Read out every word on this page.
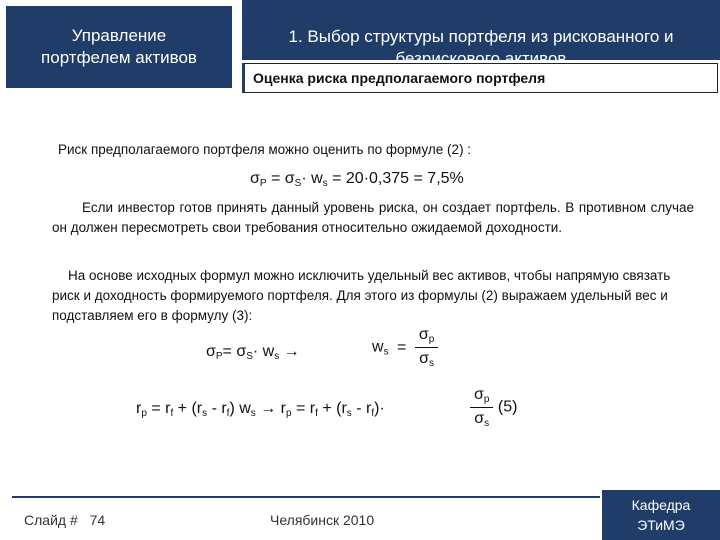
Управление
портфелем активов

1. Выбор структуры портфеля из рискованного и
безрискового активов

Оценка риска предполагаемого портфеля
Риск предполагаемого портфеля можно оценить по формуле (2) :
$\sigma_P = \sigma_S\cdot w_s = 20\cdot 0,375 = 7,5\%$
Если инвестор готов принять данный уровень риска, он создает портфель. В противном случае он должен пересмотреть свои требования относительно ожидаемой доходности.
На основе исходных формул можно исключить удельный вес активов, чтобы напрямую связать риск и доходность формируемого портфеля. Для этого из формулы (2) выражаем удельный вес и подставляем его в формулу (3):
$\sigma_P= \sigma_S\cdot w_s$ →	$w_s = \frac{\sigma_p}{\sigma_s}$
$r_p = r_f + (r_s - r_f) w_s \to r_p = r_f + (r_s - r_f)\cdot$	$\frac{\sigma_p}{\sigma_s} (5)$
Слайд # 74	Челябинск 2010
Кафедра
ЭТиМЭ
